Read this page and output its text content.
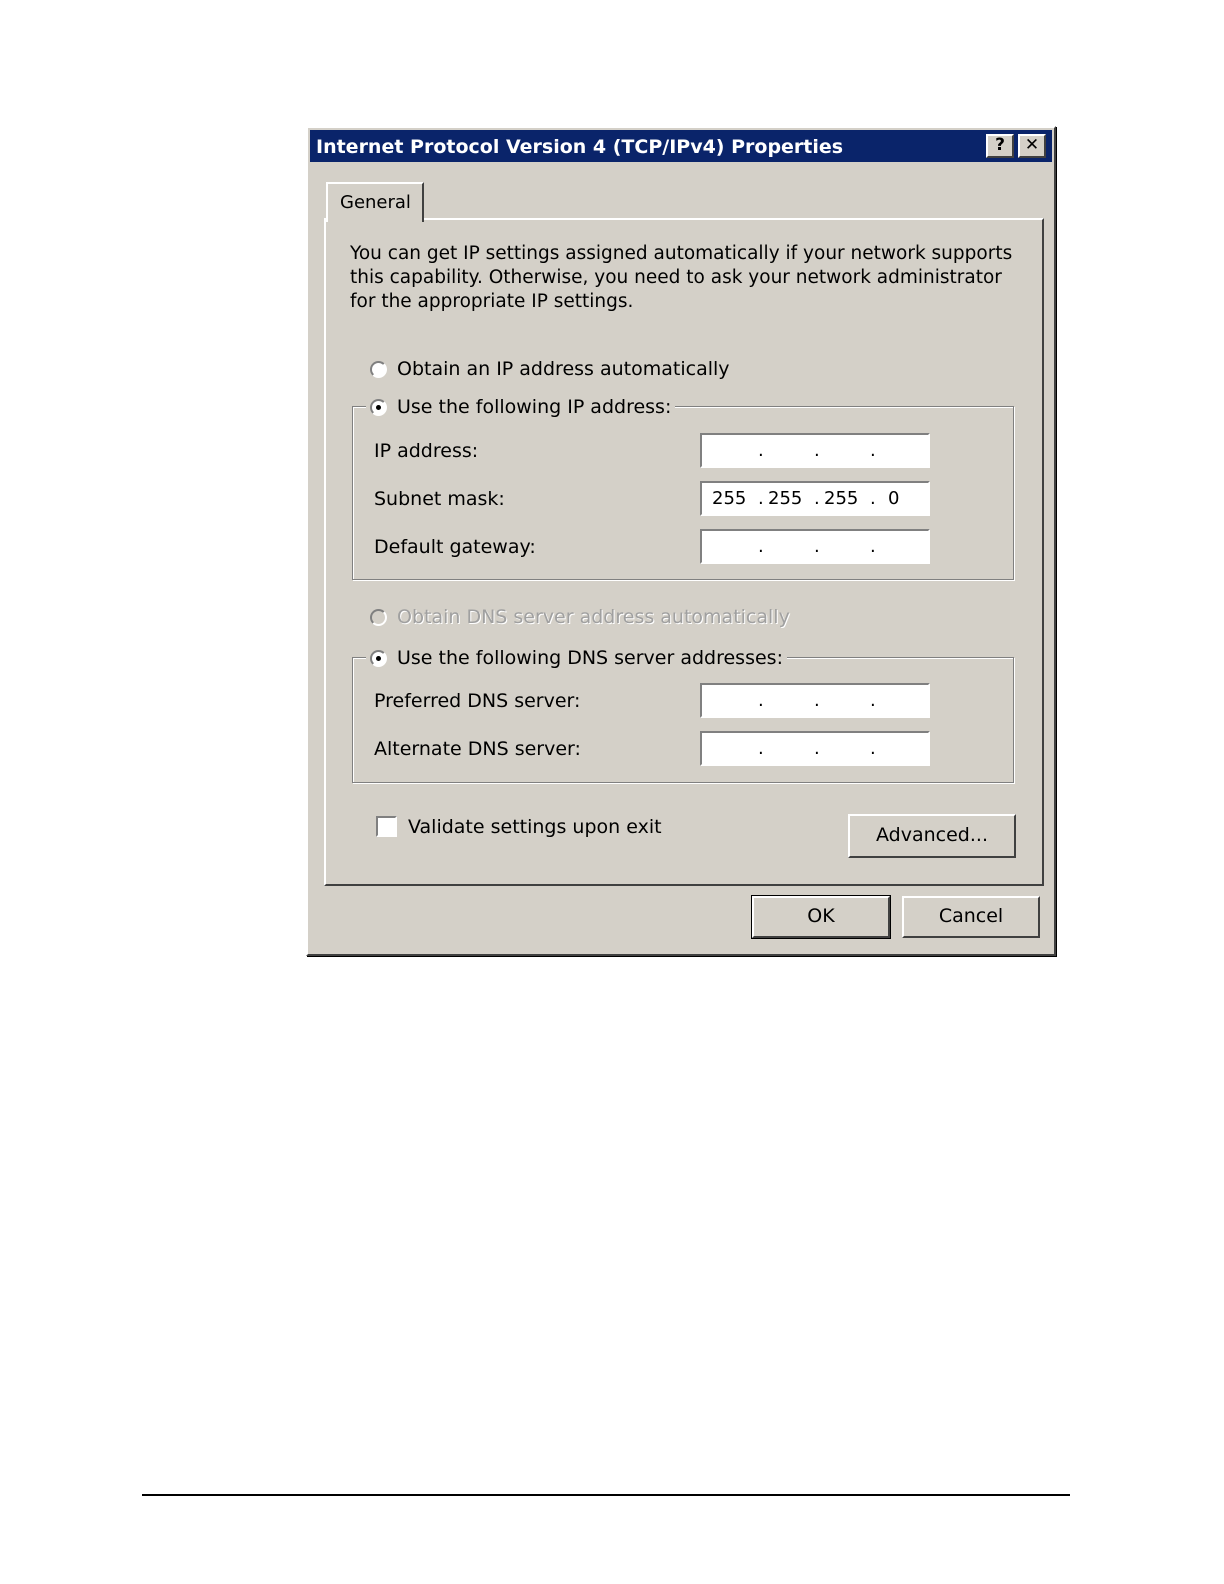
Internet Protocol Version 4 (TCP/IPv4) Properties	?	✕
General
You can get IP settings assigned automatically if your network supports
this capability. Otherwise, you need to ask your network administrator
for the appropriate IP settings.
Obtain an IP address automatically
Use the following IP address:
IP address:	.	.	.
Subnet mask:	255 . 255 . 255 . 0
Default gateway:	.	.	.
Obtain DNS server address automatically
Use the following DNS server addresses:
Preferred DNS server:	.	.	.
Alternate DNS server:	.	.	.
Validate settings upon exit	Advanced...
OK	Cancel
